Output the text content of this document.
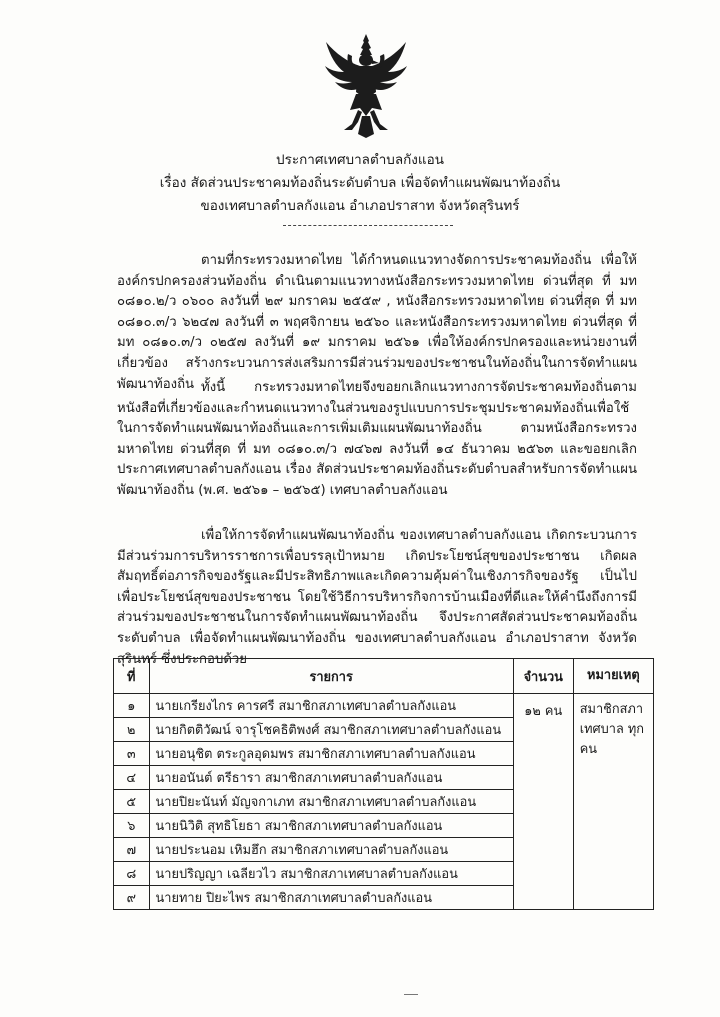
ประกาศเทศบาลตำบลกังแอน
เรื่อง สัดส่วนประชาคมท้องถิ่นระดับตำบล เพื่อจัดทำแผนพัฒนาท้องถิ่น
ของเทศบาลตำบลกังแอน อำเภอปราสาท จังหวัดสุรินทร์

ตามที่กระทรวงมหาดไทย ได้กำหนดแนวทางจัดการประชาคมท้องถิ่น เพื่อให้องค์กรปกครองส่วนท้องถิ่น ดำเนินตามแนวทางหนังสือกระทรวงมหาดไทย ด่วนที่สุด ที่ มท ๐๘๑๐.๒/ว ๐๖๐๐ ลงวันที่ ๒๙ มกราคม ๒๕๕๙ , หนังสือกระทรวงมหาดไทย ด่วนที่สุด ที่ มท ๐๘๑๐.๓/ว ๖๒๔๗ ลงวันที่ ๓ พฤศจิกายน ๒๕๖๐ และหนังสือกระทรวงมหาดไทย ด่วนที่สุด ที่ มท ๐๘๑๐.๓/ว ๐๒๕๗ ลงวันที่ ๑๙ มกราคม ๒๕๖๑ เพื่อให้องค์กรปกครองและหน่วยงานที่เกี่ยวข้อง สร้างกระบวนการส่งเสริมการมีส่วนร่วมของประชาชนในท้องถิ่นในการจัดทำแผนพัฒนาท้องถิ่น ทั้งนี้ กระทรวงมหาดไทยจึงขอยกเลิกแนวทางการจัดประชาคมท้องถิ่นตามหนังสือที่เกี่ยวข้องและกำหนดแนวทางในส่วนของรูปแบบการประชุมประชาคมท้องถิ่นเพื่อใช้ในการจัดทำแผนพัฒนาท้องถิ่นและการเพิ่มเติมแผนพัฒนาท้องถิ่น ตามหนังสือกระทรวงมหาดไทย ด่วนที่สุด ที่ มท ๐๘๑๐.๓/ว ๗๔๖๗ ลงวันที่ ๑๔ ธันวาคม ๒๕๖๓ และขอยกเลิกประกาศเทศบาลตำบลกังแอน เรื่อง สัดส่วนประชาคมท้องถิ่นระดับตำบลสำหรับการจัดทำแผนพัฒนาท้องถิ่น (พ.ศ. ๒๕๖๑ – ๒๕๖๕) เทศบาลตำบลกังแอน

เพื่อให้การจัดทำแผนพัฒนาท้องถิ่น ของเทศบาลตำบลกังแอน เกิดกระบวนการมีส่วนร่วมการบริหารราชการเพื่อบรรลุเป้าหมาย เกิดประโยชน์สุขของประชาชน เกิดผลสัมฤทธิ์ต่อภารกิจของรัฐและมีประสิทธิภาพและเกิดความคุ้มค่าในเชิงภารกิจของรัฐ เป็นไปเพื่อประโยชน์สุขของประชาชน โดยใช้วิธีการบริหารกิจการบ้านเมืองที่ดีและให้คำนึงถึงการมีส่วนร่วมของประชาชนในการจัดทำแผนพัฒนาท้องถิ่น จึงประกาศสัดส่วนประชาคมท้องถิ่นระดับตำบล เพื่อจัดทำแผนพัฒนาท้องถิ่น ของเทศบาลตำบลกังแอน อำเภอปราสาท จังหวัดสุรินทร์ ซึ่งประกอบด้วย

ที่	รายการ	จำนวน	หมายเหตุ
๑	นายเกรียงไกร คารศรี สมาชิกสภาเทศบาลตำบลกังแอน	๑๒ คน	สมาชิกสภาเทศบาล ทุกคน
๒	นายกิตติวัฒน์ จารุโชคธิติพงศ์ สมาชิกสภาเทศบาลตำบลกังแอน		
๓	นายอนุชิต ตระกูลอุดมพร สมาชิกสภาเทศบาลตำบลกังแอน		
๔	นายอนันต์ ตรีธารา สมาชิกสภาเทศบาลตำบลกังแอน		
๕	นายปิยะนันท์ มัญจกาเภท สมาชิกสภาเทศบาลตำบลกังแอน		
๖	นายนิวิติ สุทธิโยธา สมาชิกสภาเทศบาลตำบลกังแอน		
๗	นายประนอม เหิมฮึก สมาชิกสภาเทศบาลตำบลกังแอน		
๘	นายปริญญา เฉลียวไว สมาชิกสภาเทศบาลตำบลกังแอน		
๙	นายทาย ปิยะไพร สมาชิกสภาเทศบาลตำบลกังแอน		
